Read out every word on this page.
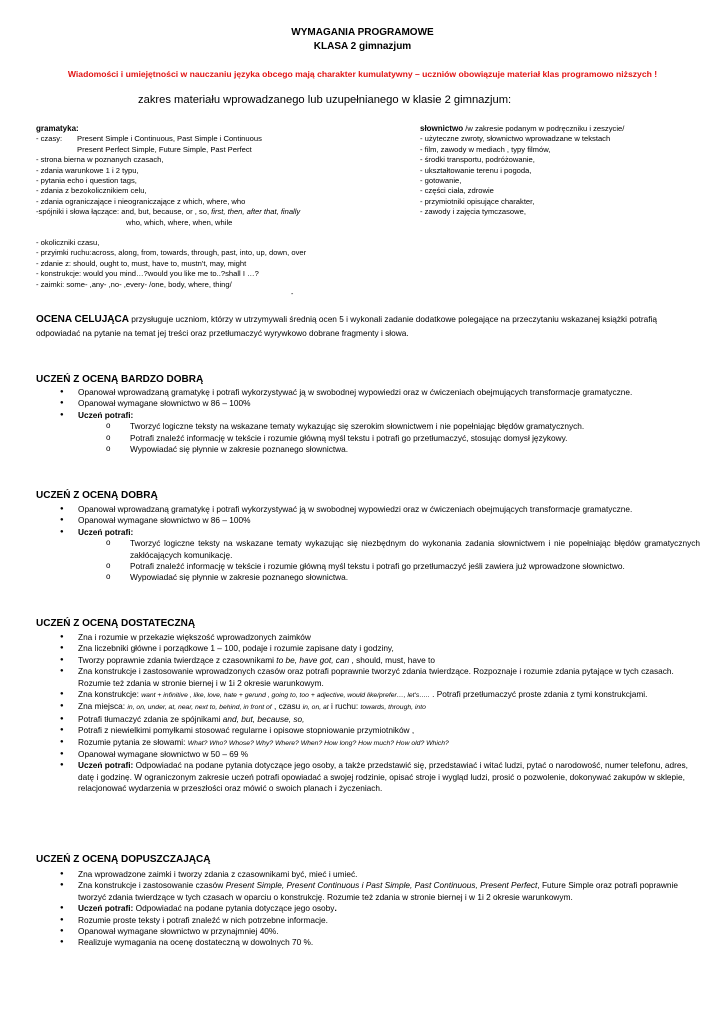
WYMAGANIA PROGRAMOWE
KLASA 2 gimnazjum
Wiadomości i umiejętności w nauczaniu języka obcego mają charakter kumulatywny – uczniów obowiązuje materiał klas programowo niższych !
zakres materiału wprowadzanego lub uzupełnianego w klasie 2 gimnazjum:
gramatyka:
- czasy: Present Simple i Continuous, Past Simple i Continuous
Present Perfect Simple, Future Simple, Past Perfect
- strona bierna w poznanych czasach,
- zdania warunkowe 1 i 2 typu,
- pytania echo i question tags,
- zdania z bezokolicznikiem celu,
- zdania ograniczające i nieograniczające z which, where, who
-spójniki i słowa łączące: and, but, because, or , so, first, then, after that, finally
who, which, where, when, while
- okoliczniki czasu,
- przyimki ruchu:across, along, from, towards, through, past, into, up, down, over
- zdanie z: should, ought to, must, have to, mustn't, may, might
- konstrukcje: would you mind…?would you like me to..?shall I …?
- zaimki: some- ,any- ,no- ,every- /one, body, where, thing/
słownictwo /w zakresie podanym w podręczniku i zeszycie/
- użyteczne zwroty, słownictwo wprowadzane w tekstach
- film, zawody w mediach , typy filmów,
- środki transportu, podróżowanie,
- ukształtowanie terenu i pogoda,
- gotowanie,
- części ciała, zdrowie
- przymiotniki opisujące charakter,
- zawody i zajęcia tymczasowe,
-
OCENA CELUJĄCA przysługuje uczniom, którzy w utrzymywali średnią ocen 5 i wykonali zadanie dodatkowe polegające na przeczytaniu wskazanej książki potrafią odpowiadać na pytanie na temat jej treści oraz przetłumaczyć wyrywkowo dobrane fragmenty i słowa.
UCZEŃ Z OCENĄ BARDZO DOBRĄ
● Opanował wprowadzaną gramatykę i potrafi wykorzystywać ją w swobodnej wypowiedzi oraz w ćwiczeniach obejmujących transformacje gramatyczne.
● Opanował wymagane słownictwo w 86 – 100%
● Uczeń potrafi:
o Tworzyć logiczne teksty na wskazane tematy wykazując się szerokim słownictwem i nie popełniając błędów gramatycznych.
o Potrafi znaleźć informację w tekście i rozumie główną myśl tekstu i potrafi go przetłumaczyć, stosując domysł językowy.
o Wypowiadać się płynnie w zakresie poznanego słownictwa.
UCZEŃ Z OCENĄ DOBRĄ
● Opanował wprowadzaną gramatykę i potrafi wykorzystywać ją w swobodnej wypowiedzi oraz w ćwiczeniach obejmujących transformacje gramatyczne.
● Opanował wymagane słownictwo w 86 – 100%
● Uczeń potrafi:
o Tworzyć logiczne teksty na wskazane tematy wykazując się niezbędnym do wykonania zadania słownictwem i nie popełniając błędów gramatycznych zakłócających komunikację.
o Potrafi znaleźć informację w tekście i rozumie główną myśl tekstu i potrafi go przetłumaczyć jeśli zawiera już wprowadzone słownictwo.
o Wypowiadać się płynnie w zakresie poznanego słownictwa.
UCZEŃ Z OCENĄ DOSTATECZNĄ
● Zna i rozumie w przekazie większość wprowadzonych zaimków
● Zna liczebniki główne i porządkowe 1 – 100, podaje i rozumie zapisane daty i godziny,
● Tworzy poprawnie zdania twierdzące z czasownikami to be, have got, can , should, must, have to
● Zna konstrukcje i zastosowanie wprowadzonych czasów oraz potrafi poprawnie tworzyć zdania twierdzące. Rozpoznaje i rozumie zdania pytające w tych czasach. Rozumie też zdania w stronie biernej i w 1i 2 okresie warunkowym.
● Zna konstrukcje: want + infinitive , like, love, hate + gerund , going to, too + adjective, would like/prefer…, let's….. . Potrafi przetłumaczyć proste zdania z tymi konstrukcjami.
● Zna miejsca: in, on, under, at, near, next to, behind, in front of , czasu in, on, at i ruchu: towards, through, into
● Potrafi tłumaczyć zdania ze spójnikami and, but, because, so,
● Potrafi z niewielkimi pomyłkami stosować regularne i opisowe stopniowanie przymiotników ,
● Rozumie pytania ze słowami: What? Who? Whose? Why? Where? When? How long? How much? How old? Which?
● Opanował wymagane słownictwo w 50 – 69 %
● Uczeń potrafi: Odpowiadać na podane pytania dotyczące jego osoby, a także przedstawić się, przedstawiać i witać ludzi, pytać o narodowość, numer telefonu, adres, datę i godzinę. W ograniczonym zakresie uczeń potrafi opowiadać a swojej rodzinie, opisać stroje i wygląd ludzi, prosić o pozwolenie, dokonywać zakupów w sklepie, relacjonować wydarzenia w przeszłości oraz mówić o swoich planach i życzeniach.
UCZEŃ Z OCENĄ DOPUSZCZAJĄCĄ
● Zna wprowadzone zaimki i tworzy zdania z czasownikami być, mieć i umieć.
● Zna konstrukcje i zastosowanie czasów Present Simple, Present Continuous i Past Simple, Past Continuous, Present Perfect, Future Simple oraz potrafi poprawnie tworzyć zdania twierdzące w tych czasach w oparciu o konstrukcję. Rozumie też zdania w stronie biernej i w 1i 2 okresie warunkowym.
● Uczeń potrafi: Odpowiadać na podane pytania dotyczące jego osoby.
● Rozumie proste teksty i potrafi znaleźć w nich potrzebne informacje.
● Opanował wymagane słownictwo w przynajmniej 40%.
● Realizuje wymagania na ocenę dostateczną w dowolnych 70 %.
